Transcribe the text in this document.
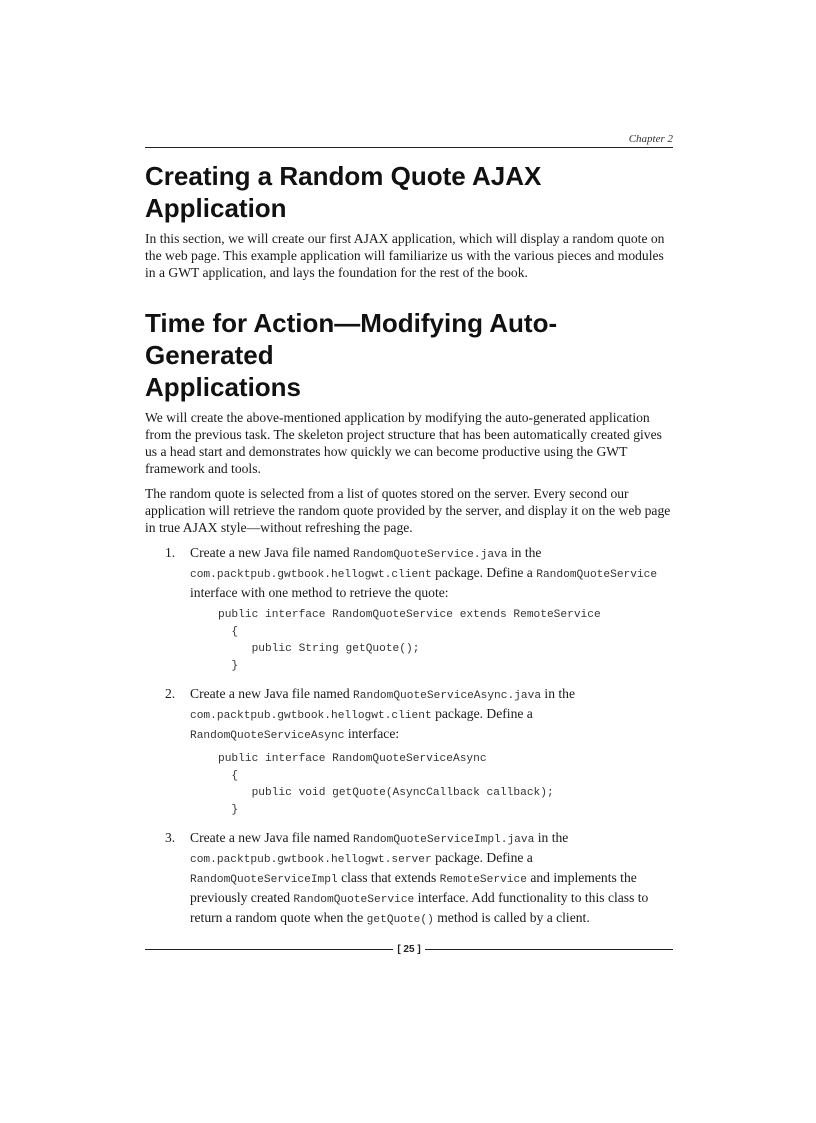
Chapter 2
Creating a Random Quote AJAX
Application

In this section, we will create our first AJAX application, which will display a random quote on the web page. This example application will familiarize us with the various pieces and modules in a GWT application, and lays the foundation for the rest of the book.

Time for Action—Modifying Auto-Generated
Applications

We will create the above-mentioned application by modifying the auto-generated application from the previous task. The skeleton project structure that has been automatically created gives us a head start and demonstrates how quickly we can become productive using the GWT framework and tools.

The random quote is selected from a list of quotes stored on the server. Every second our application will retrieve the random quote provided by the server, and display it on the web page in true AJAX style—without refreshing the page.

1. Create a new Java file named RandomQuoteService.java in the com.packtpub.gwtbook.hellogwt.client package. Define a RandomQuoteService interface with one method to retrieve the quote:

public interface RandomQuoteService extends RemoteService
{
public String getQuote();
}
2. Create a new Java file named RandomQuoteServiceAsync.java in the com.packtpub.gwtbook.hellogwt.client package. Define a RandomQuoteServiceAsync interface:

public interface RandomQuoteServiceAsync
{
public void getQuote(AsyncCallback callback);
}
3. Create a new Java file named RandomQuoteServiceImpl.java in the com.packtpub.gwtbook.hellogwt.server package. Define a RandomQuoteServiceImpl class that extends RemoteService and implements the previously created RandomQuoteService interface. Add functionality to this class to return a random quote when the getQuote() method is called by a client.

[ 25 ]
